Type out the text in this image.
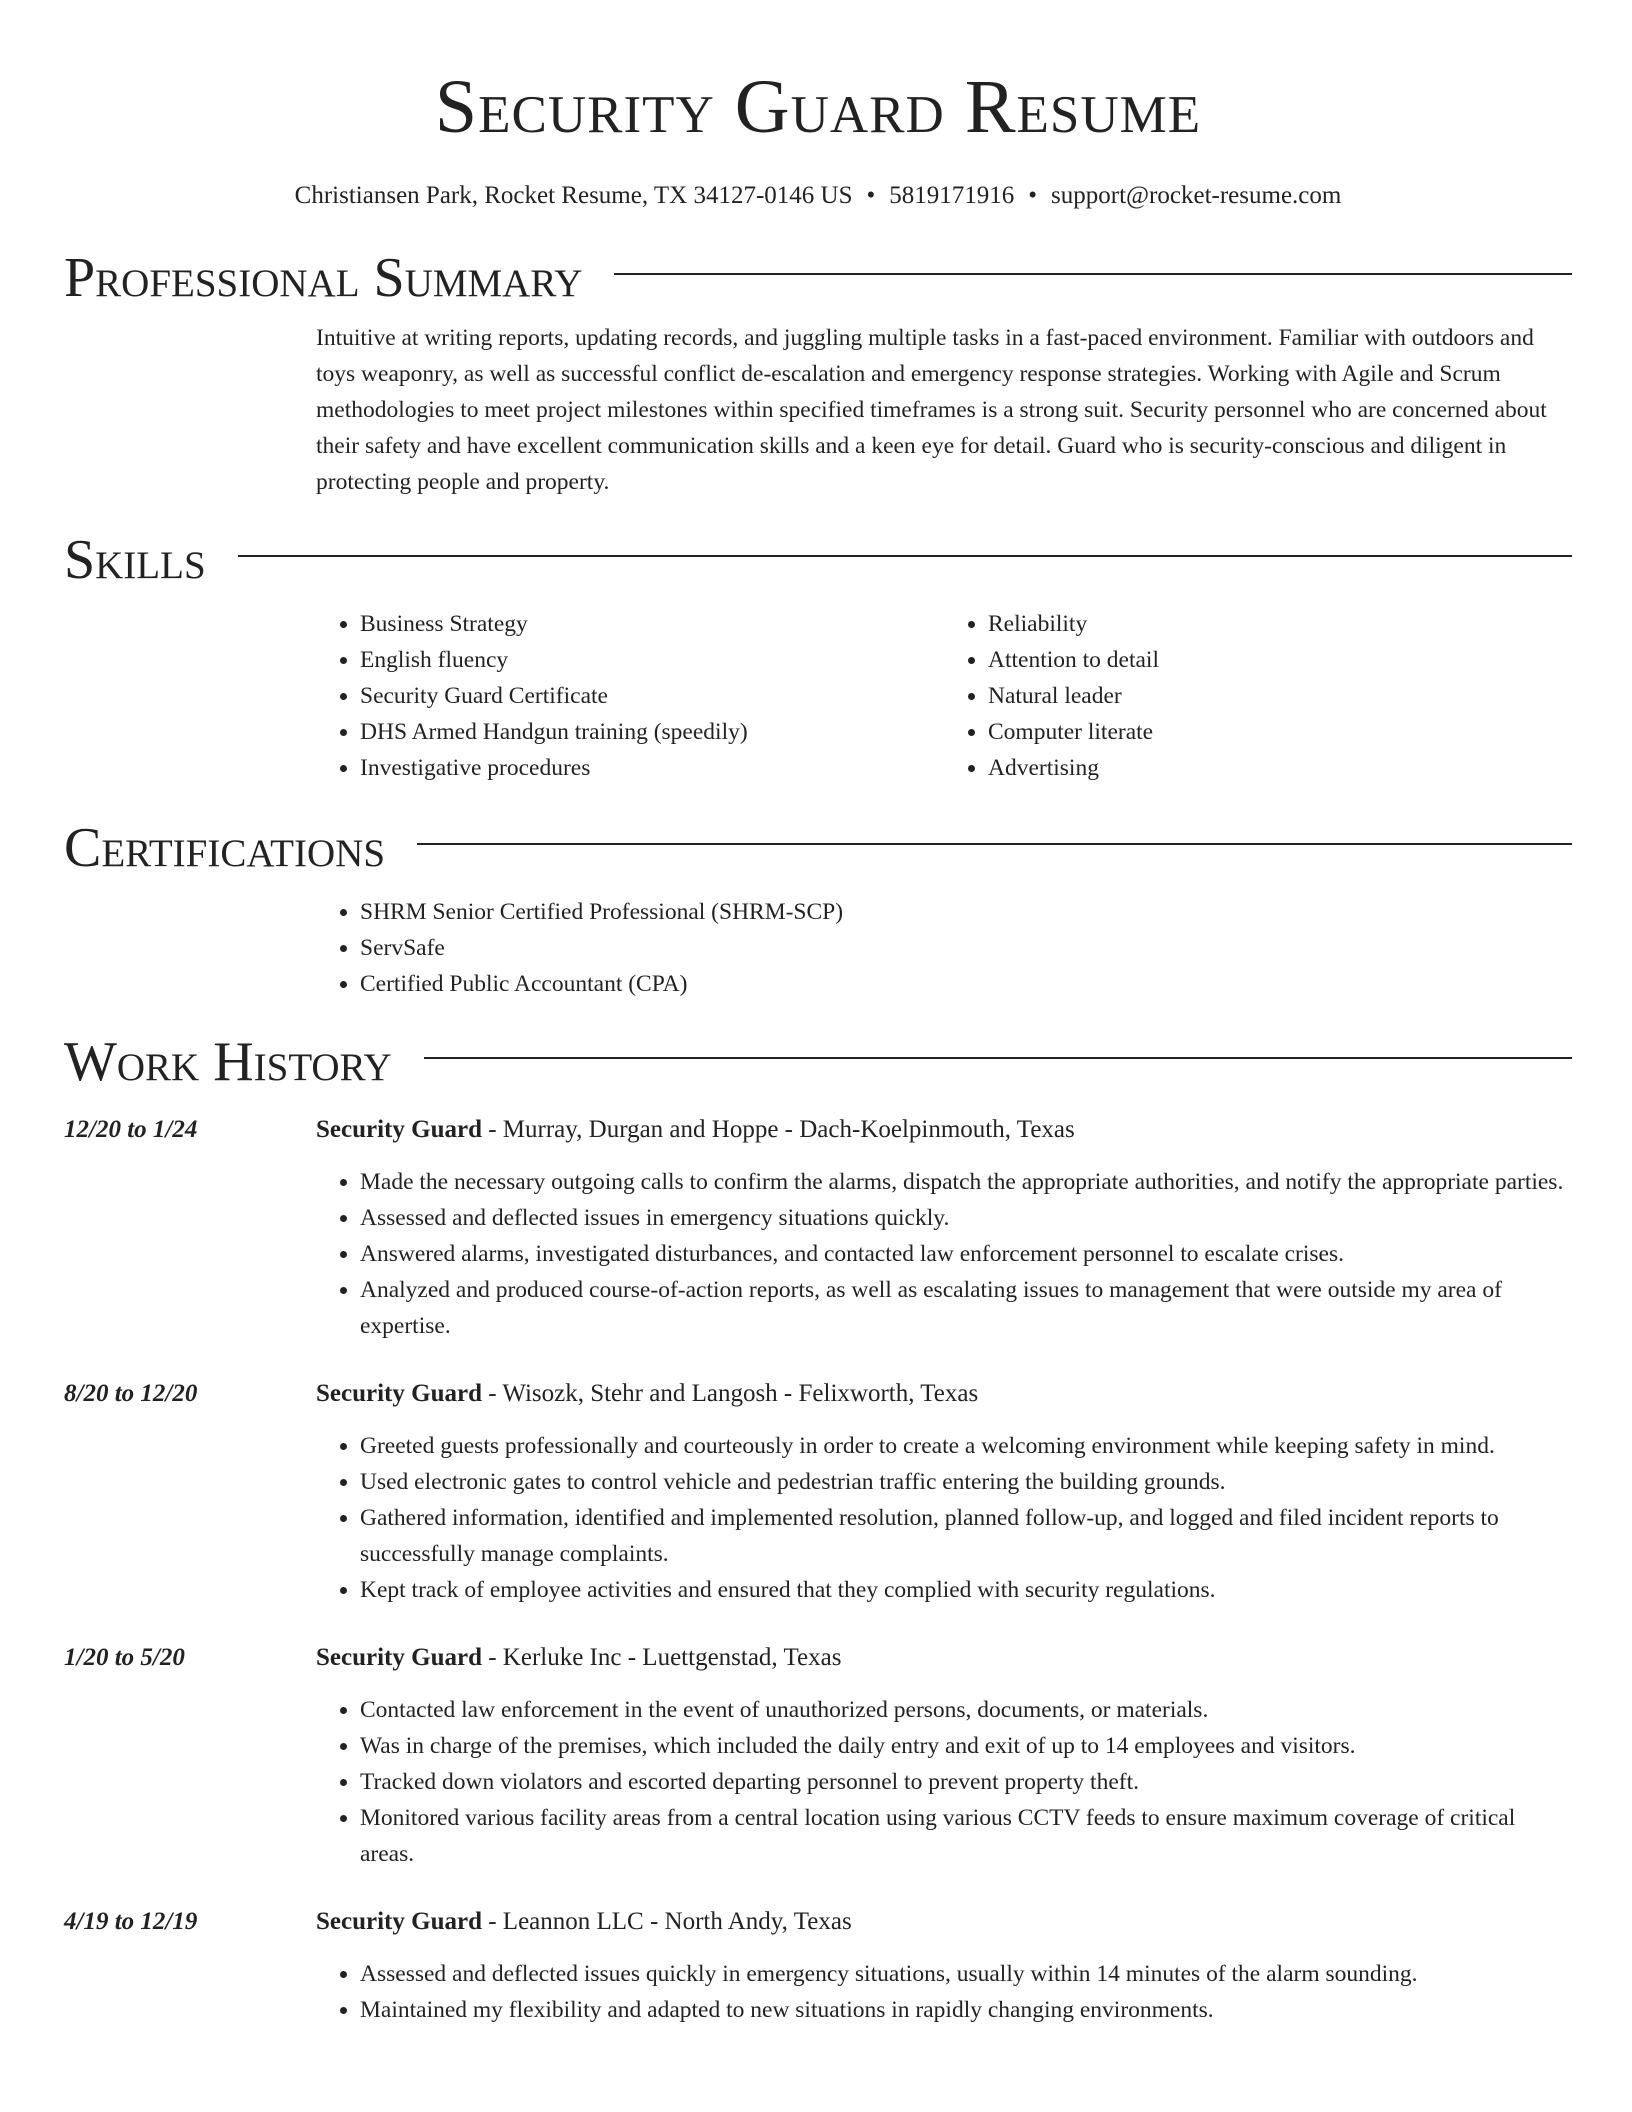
Security Guard Resume
Christiansen Park, Rocket Resume, TX 34127-0146 US • 5819171916 • support@rocket-resume.com
Professional Summary

Intuitive at writing reports, updating records, and juggling multiple tasks in a fast-paced environment. Familiar with outdoors and toys weaponry, as well as successful conflict de-escalation and emergency response strategies. Working with Agile and Scrum methodologies to meet project milestones within specified timeframes is a strong suit. Security personnel who are concerned about their safety and have excellent communication skills and a keen eye for detail. Guard who is security-conscious and diligent in protecting people and property.

Skills
• Business Strategy
• English fluency
• Security Guard Certificate
• DHS Armed Handgun training (speedily)
• Investigative procedures
• Reliability
• Attention to detail
• Natural leader
• Computer literate
• Advertising
Certifications
• SHRM Senior Certified Professional (SHRM-SCP)
• ServSafe
• Certified Public Accountant (CPA)
Work History
12/20 to 1/24	Security Guard - Murray, Durgan and Hoppe - Dach-Koelpinmouth, Texas
• Made the necessary outgoing calls to confirm the alarms, dispatch the appropriate authorities, and notify the appropriate parties.
• Assessed and deflected issues in emergency situations quickly.
• Answered alarms, investigated disturbances, and contacted law enforcement personnel to escalate crises.
• Analyzed and produced course-of-action reports, as well as escalating issues to management that were outside my area of expertise.
8/20 to 12/20	Security Guard - Wisozk, Stehr and Langosh - Felixworth, Texas
• Greeted guests professionally and courteously in order to create a welcoming environment while keeping safety in mind.
• Used electronic gates to control vehicle and pedestrian traffic entering the building grounds.
• Gathered information, identified and implemented resolution, planned follow-up, and logged and filed incident reports to successfully manage complaints.
• Kept track of employee activities and ensured that they complied with security regulations.
1/20 to 5/20	Security Guard - Kerluke Inc - Luettgenstad, Texas
• Contacted law enforcement in the event of unauthorized persons, documents, or materials.
• Was in charge of the premises, which included the daily entry and exit of up to 14 employees and visitors.
• Tracked down violators and escorted departing personnel to prevent property theft.
• Monitored various facility areas from a central location using various CCTV feeds to ensure maximum coverage of critical areas.
4/19 to 12/19	Security Guard - Leannon LLC - North Andy, Texas
• Assessed and deflected issues quickly in emergency situations, usually within 14 minutes of the alarm sounding.
• Maintained my flexibility and adapted to new situations in rapidly changing environments.
